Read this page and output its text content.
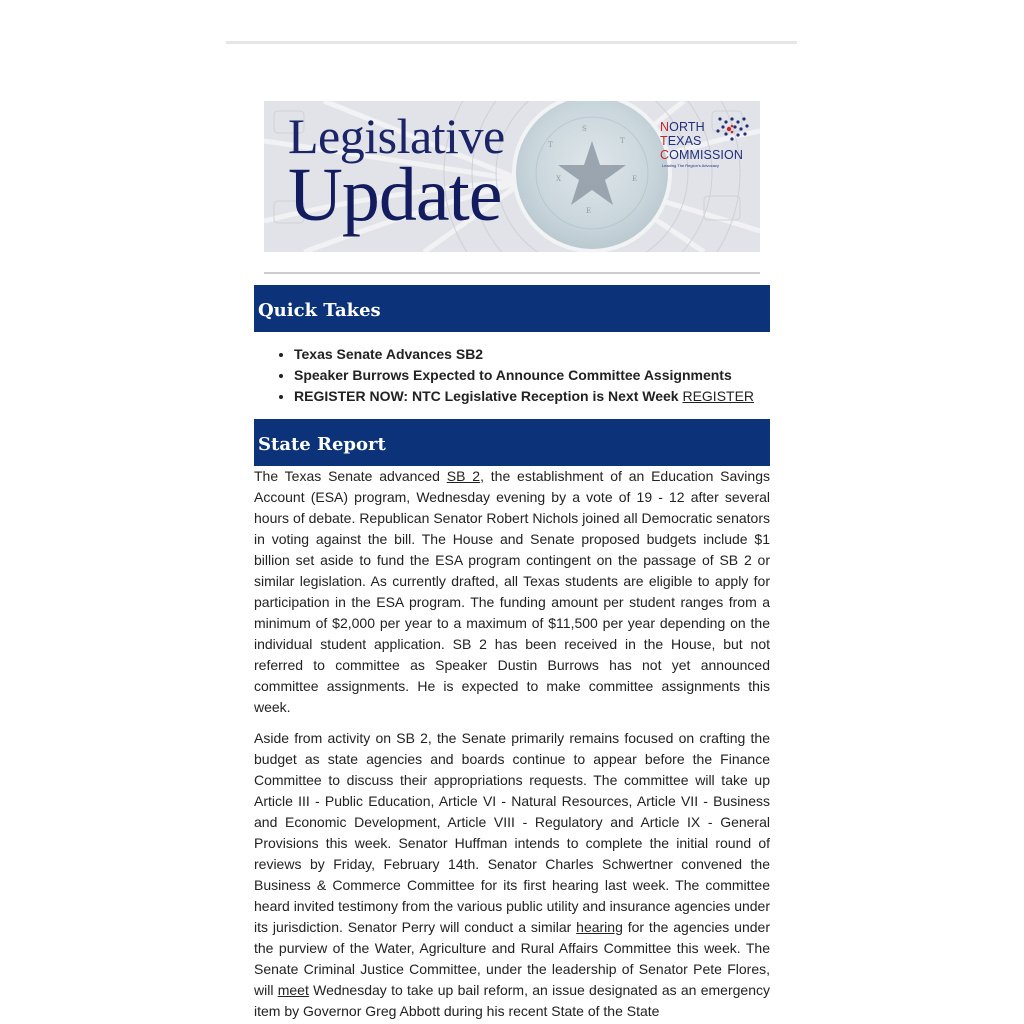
S
T
E
T
X
E
Legislative
Update
NORTH
TEXAS
COMMISSION
Leading The Region's Advocacy
Quick Takes
• Texas Senate Advances SB2
• Speaker Burrows Expected to Announce Committee Assignments
• REGISTER NOW: NTC Legislative Reception is Next Week REGISTER
State Report

The Texas Senate advanced SB 2, the establishment of an Education Savings Account (ESA) program, Wednesday evening by a vote of 19 - 12 after several hours of debate. Republican Senator Robert Nichols joined all Democratic senators in voting against the bill. The House and Senate proposed budgets include $1 billion set aside to fund the ESA program contingent on the passage of SB 2 or similar legislation. As currently drafted, all Texas students are eligible to apply for participation in the ESA program. The funding amount per student ranges from a minimum of $2,000 per year to a maximum of $11,500 per year depending on the individual student application. SB 2 has been received in the House, but not referred to committee as Speaker Dustin Burrows has not yet announced committee assignments. He is expected to make committee assignments this week.

Aside from activity on SB 2, the Senate primarily remains focused on crafting the budget as state agencies and boards continue to appear before the Finance Committee to discuss their appropriations requests. The committee will take up Article III - Public Education, Article VI - Natural Resources, Article VII - Business and Economic Development, Article VIII - Regulatory and Article IX - General Provisions this week. Senator Huffman intends to complete the initial round of reviews by Friday, February 14th. Senator Charles Schwertner convened the Business & Commerce Committee for its first hearing last week. The committee heard invited testimony from the various public utility and insurance agencies under its jurisdiction. Senator Perry will conduct a similar hearing for the agencies under the purview of the Water, Agriculture and Rural Affairs Committee this week. The Senate Criminal Justice Committee, under the leadership of Senator Pete Flores, will meet Wednesday to take up bail reform, an issue designated as an emergency item by Governor Greg Abbott during his recent State of the State
